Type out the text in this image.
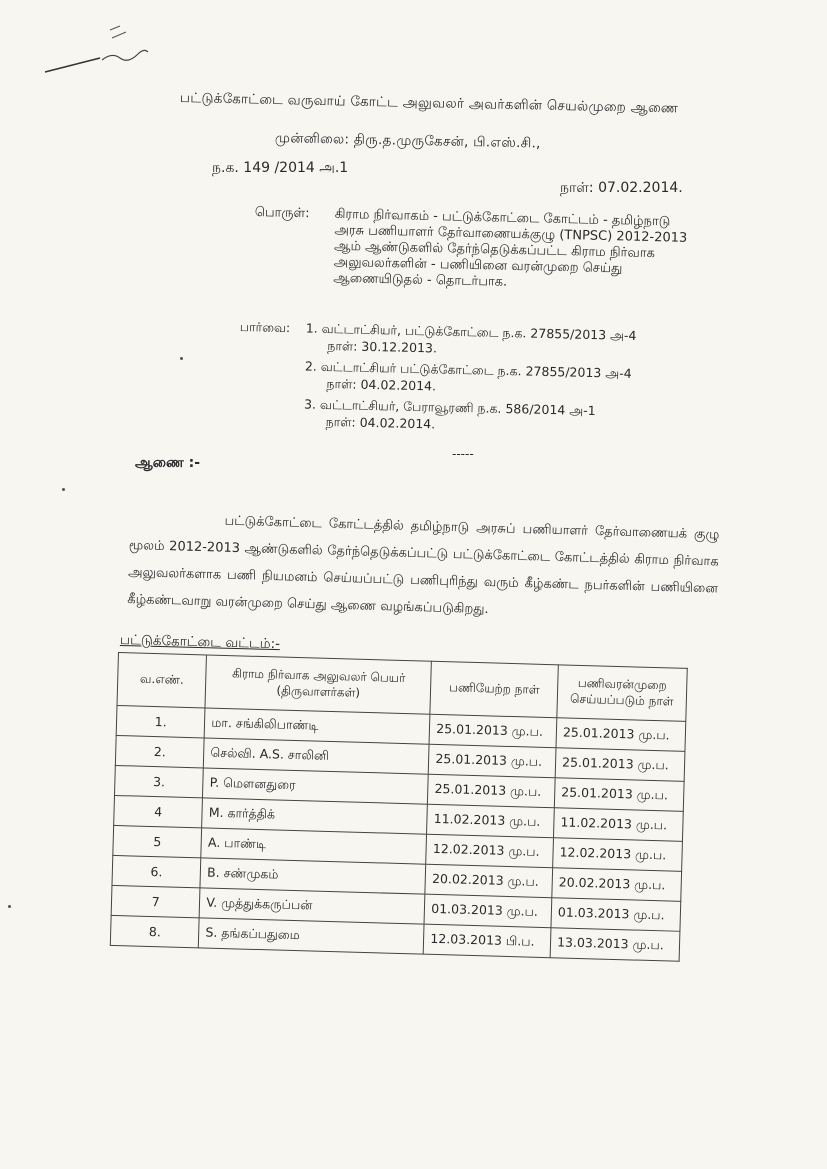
பட்டுக்கோட்டை வருவாய் கோட்ட அலுவலர் அவர்களின் செயல்முறை ஆணை
முன்னிலை: திரு.த.முருகேசன், பி.எஸ்.சி.,
ந.க. 149 /2014 அ.1
நாள்: 07.02.2014.
பொருள்: கிராம நிர்வாகம் - பட்டுக்கோட்டை கோட்டம் - தமிழ்நாடு அரசு பணியாளர் தேர்வாணையக்குழு (TNPSC) 2012-2013 ஆம் ஆண்டுகளில் தேர்ந்தெடுக்கப்பட்ட கிராம நிர்வாக அலுவலர்களின் - பணியினை வரன்முறை செய்து ஆணையிடுதல் - தொடர்பாக.
பார்வை: 1. வட்டாட்சியர், பட்டுக்கோட்டை ந.க. 27855/2013 அ-4
நாள்: 30.12.2013.
2. வட்டாட்சியர் பட்டுக்கோட்டை ந.க. 27855/2013 அ-4
நாள்: 04.02.2014.
3. வட்டாட்சியர், பேராவூரணி ந.க. 586/2014 அ-1
நாள்: 04.02.2014.
-----
ஆணை :-
பட்டுக்கோட்டை கோட்டத்தில் தமிழ்நாடு அரசுப் பணியாளர் தேர்வாணையக் குழு மூலம் 2012-2013 ஆண்டுகளில் தேர்ந்தெடுக்கப்பட்டு பட்டுக்கோட்டை கோட்டத்தில் கிராம நிர்வாக அலுவலர்களாக பணி நியமனம் செய்யப்பட்டு பணிபுரிந்து வரும் கீழ்கண்ட நபர்களின் பணியினை கீழ்கண்டவாறு வரன்முறை செய்து ஆணை வழங்கப்படுகிறது.
பட்டுக்கோட்டை வட்டம்:-
வ.எண்.	கிராம நிர்வாக அலுவலர் பெயர் (திருவாளர்கள்)	பணியேற்ற நாள்	பணிவரன்முறை செய்யப்படும் நாள்
1.	மா. சங்கிலிபாண்டி	25.01.2013 மு.ப.	25.01.2013 மு.ப.
2.	செல்வி. A.S. சாலினி	25.01.2013 மு.ப.	25.01.2013 மு.ப.
3.	P. மௌனதுரை	25.01.2013 மு.ப.	25.01.2013 மு.ப.
4	M. கார்த்திக்	11.02.2013 மு.ப.	11.02.2013 மு.ப.
5	A. பாண்டி	12.02.2013 மு.ப.	12.02.2013 மு.ப.
6.	B. சண்முகம்	20.02.2013 மு.ப.	20.02.2013 மு.ப.
7	V. முத்துக்கருப்பன்	01.03.2013 மு.ப.	01.03.2013 மு.ப.
8.	S. தங்கப்பதுமை	12.03.2013 பி.ப.	13.03.2013 மு.ப.
